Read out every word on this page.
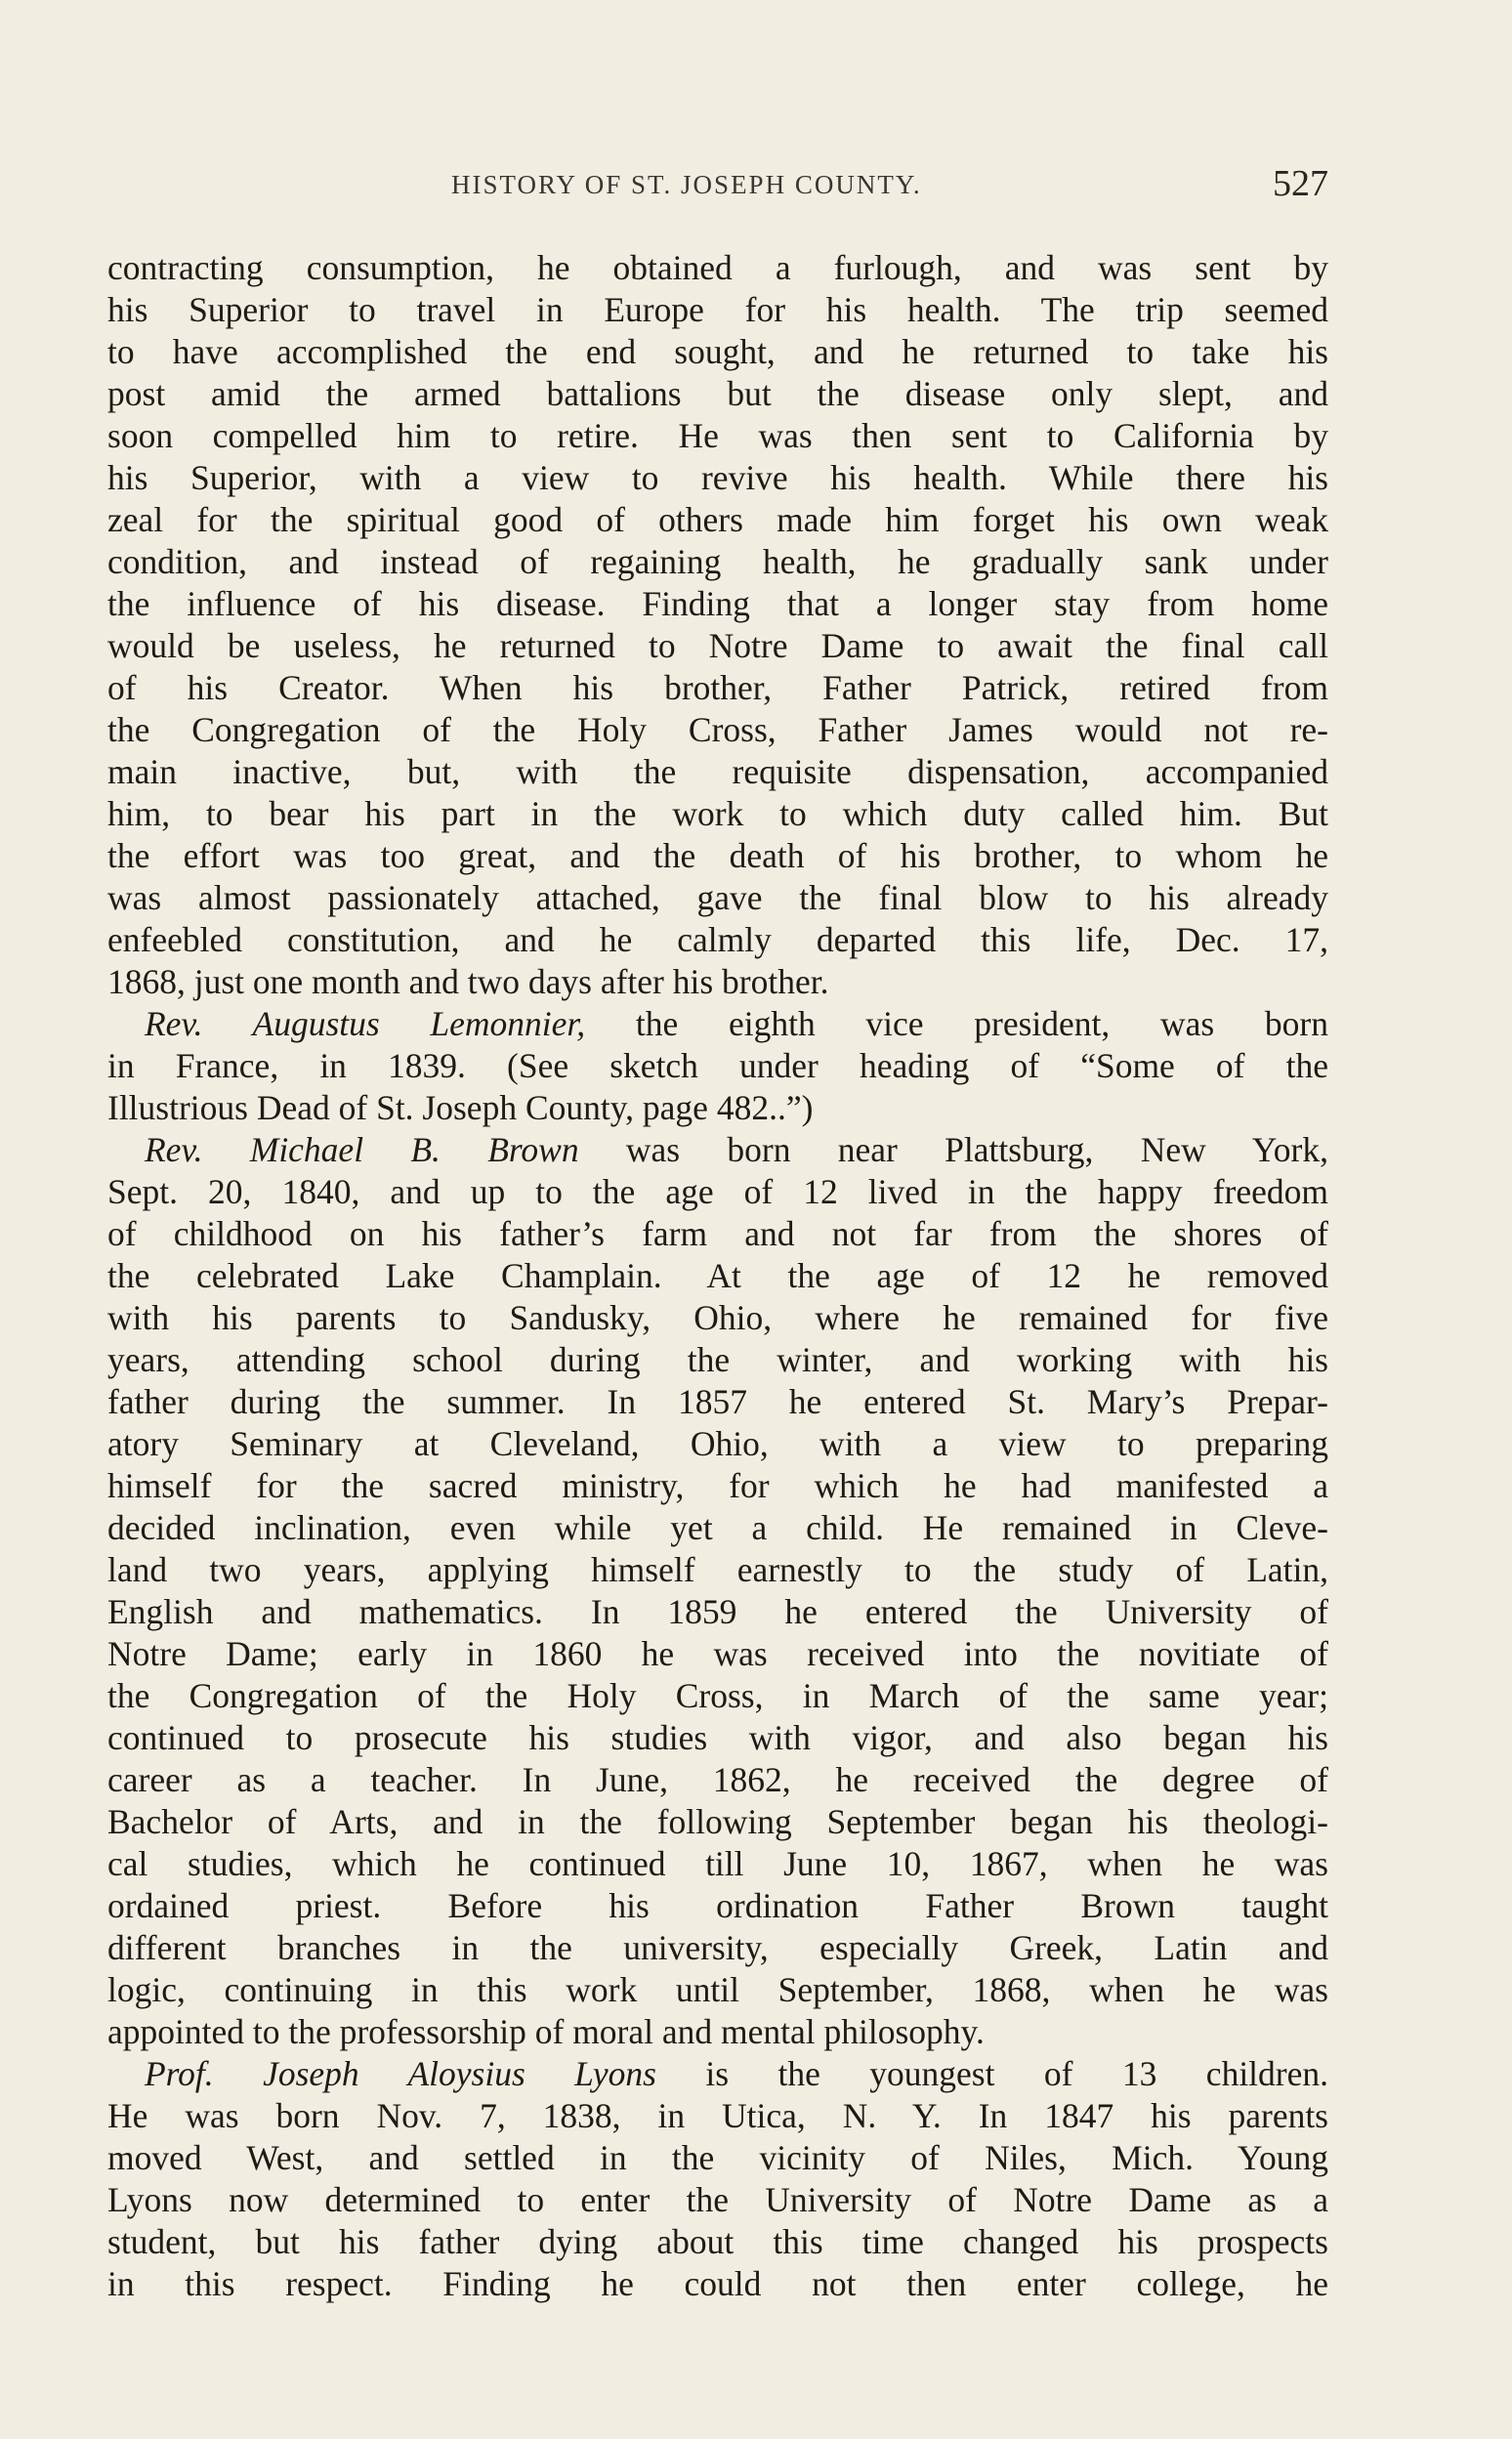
HISTORY OF ST. JOSEPH COUNTY.	527
contracting consumption, he obtained a furlough, and was sent by
his Superior to travel in Europe for his health. The trip seemed
to have accomplished the end sought, and he returned to take his
post amid the armed battalions but the disease only slept, and
soon compelled him to retire. He was then sent to California by
his Superior, with a view to revive his health. While there his
zeal for the spiritual good of others made him forget his own weak
condition, and instead of regaining health, he gradually sank under
the influence of his disease. Finding that a longer stay from home
would be useless, he returned to Notre Dame to await the final call
of his Creator. When his brother, Father Patrick, retired from
the Congregation of the Holy Cross, Father James would not re-
main inactive, but, with the requisite dispensation, accompanied
him, to bear his part in the work to which duty called him. But
the effort was too great, and the death of his brother, to whom he
was almost passionately attached, gave the final blow to his already
enfeebled constitution, and he calmly departed this life, Dec. 17,
1868, just one month and two days after his brother.
Rev. Augustus Lemonnier, the eighth vice president, was born
in France, in 1839. (See sketch under heading of “Some of the
Illustrious Dead of St. Joseph County, page 482..”)
Rev. Michael B. Brown was born near Plattsburg, New York,
Sept. 20, 1840, and up to the age of 12 lived in the happy freedom
of childhood on his father’s farm and not far from the shores of
the celebrated Lake Champlain. At the age of 12 he removed
with his parents to Sandusky, Ohio, where he remained for five
years, attending school during the winter, and working with his
father during the summer. In 1857 he entered St. Mary’s Prepar-
atory Seminary at Cleveland, Ohio, with a view to preparing
himself for the sacred ministry, for which he had manifested a
decided inclination, even while yet a child. He remained in Cleve-
land two years, applying himself earnestly to the study of Latin,
English and mathematics. In 1859 he entered the University of
Notre Dame; early in 1860 he was received into the novitiate of
the Congregation of the Holy Cross, in March of the same year;
continued to prosecute his studies with vigor, and also began his
career as a teacher. In June, 1862, he received the degree of
Bachelor of Arts, and in the following September began his theologi-
cal studies, which he continued till June 10, 1867, when he was
ordained priest. Before his ordination Father Brown taught
different branches in the university, especially Greek, Latin and
logic, continuing in this work until September, 1868, when he was
appointed to the professorship of moral and mental philosophy.
Prof. Joseph Aloysius Lyons is the youngest of 13 children.
He was born Nov. 7, 1838, in Utica, N. Y. In 1847 his parents
moved West, and settled in the vicinity of Niles, Mich. Young
Lyons now determined to enter the University of Notre Dame as a
student, but his father dying about this time changed his prospects
in this respect. Finding he could not then enter college, he
